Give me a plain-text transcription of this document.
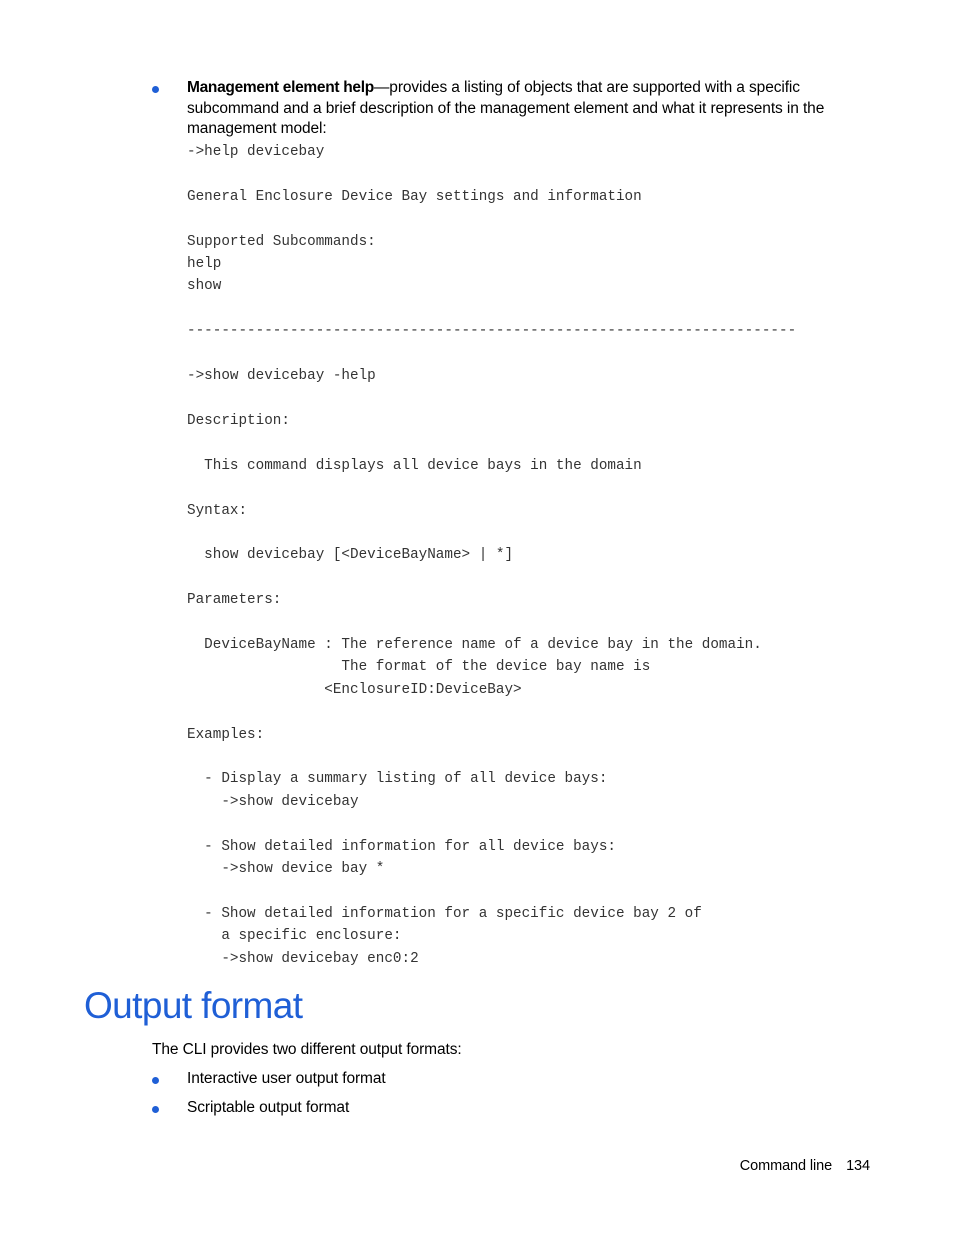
Management element help—provides a listing of objects that are supported with a specific subcommand and a brief description of the management element and what it represents in the management model:
->help devicebay

General Enclosure Device Bay settings and information

Supported Subcommands:
help
show

-----------------------------------------------------------------------

->show devicebay -help

Description:

This command displays all device bays in the domain

Syntax:

show devicebay [<DeviceBayName> | *]

Parameters:

DeviceBayName : The reference name of a device bay in the domain.
The format of the device bay name is
<EnclosureID:DeviceBay>

Examples:

- Display a summary listing of all device bays:
->show devicebay

- Show detailed information for all device bays:
->show device bay *

- Show detailed information for a specific device bay 2 of
a specific enclosure:
->show devicebay enc0:2
Output format

The CLI provides two different output formats:

Interactive user output format
Scriptable output format
Command line 134
